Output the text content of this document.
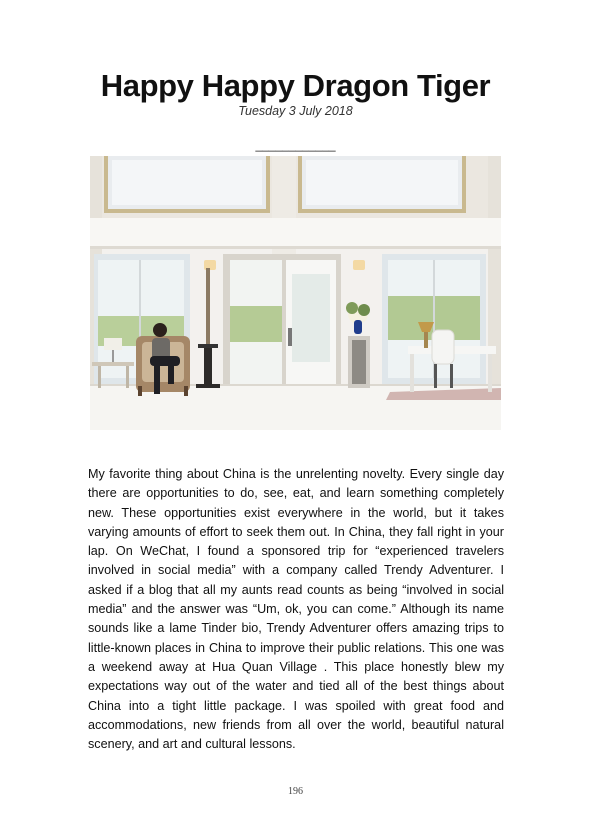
Happy Happy Dragon Tiger
Tuesday 3 July 2018
____________

My favorite thing about China is the unrelenting novelty. Every single day there are opportunities to do, see, eat, and learn something completely new. These opportunities exist everywhere in the world, but it takes varying amounts of effort to seek them out. In China, they fall right in your lap. On WeChat, I found a sponsored trip for “experienced travelers involved in social media” with a company called Trendy Adventurer. I asked if a blog that all my aunts read counts as being “involved in social media” and the answer was “Um, ok, you can come.” Although its name sounds like a lame Tinder bio, Trendy Adventurer offers amazing trips to little-known places in China to improve their public relations. This one was a weekend away at Hua Quan Village . This place honestly blew my expectations way out of the water and tied all of the best things about China into a tight little package. I was spoiled with great food and accommodations, new friends from all over the world, beautiful natural scenery, and art and cultural lessons.

196
